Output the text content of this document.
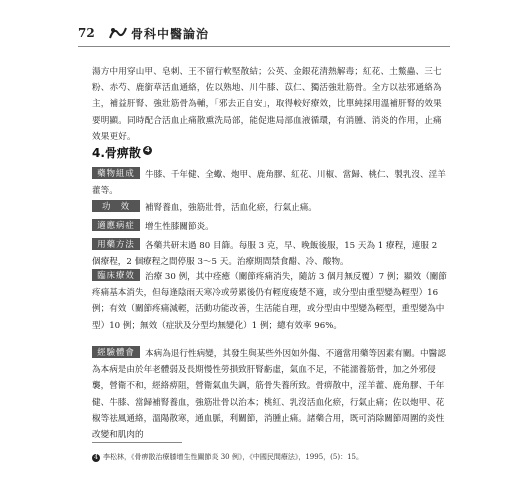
72	骨科中醫論治

湯方中用穿山甲、皂刺、王不留行軟堅散結；公英、金銀花清熱解毒；紅花、土鱉蟲、三七粉、赤芍、鹿銜草活血通絡，佐以熟地、川牛膝、苡仁、獨活強壯筋骨。全方以祛邪通絡為主，補益肝腎、強壯筋骨為輔，「邪去正自安」，取得較好療效，比單純採用溫補肝腎的效果要明顯。同時配合活血止痛散熏洗局部，能促進局部血液循環，有消腫、消炎的作用，止痛效果更好。

4.骨痹散 $^4$
藥物組成 牛膝、千年健、全蠍、炮甲、鹿角膠、紅花、川椒、當歸、桃仁、製乳沒、淫羊藿等。
功　效 補腎養血，強筋壯骨，活血化瘀，行氣止痛。
適應病症 增生性膝關節炎。
用藥方法 各藥共研末過 80 目篩。每服 3 克，早、晚飯後服，15 天為 1 療程，連服 2 個療程，2 個療程之間停服 3～5 天。治療期間禁食醋、冷、酸物。
臨床療效 治療 30 例，其中痊癒（關節疼痛消失，隨訪 3 個月無反覆）7 例；顯效（關節疼痛基本消失，但每逢陰雨天寒冷或勞累後仍有輕度痠楚不適，或分型由重型變為輕型）16 例；有效（關節疼痛減輕，活動功能改善，生活能自理，或分型由中型變為輕型，重型變為中型）10 例；無效（症狀及分型均無變化）1 例；總有效率 96%。
經驗體會 本病為退行性病變，其發生與某些外因如外傷、不適當用藥等因素有關。中醫認為本病是由於年老體弱及長期慢性勞損致肝腎虧虛，氣血不足，不能濡養筋骨，加之外邪侵襲，營衛不和，經絡痹阻，營衛氣血失調，筋骨失養所致。骨痹散中，淫羊藿、鹿角膠、千年健、牛膝、當歸補腎養血，強筋壯骨以治本；桃紅、乳沒活血化瘀，行氣止痛；佐以炮甲、花椒等祛風通絡，溫陽散寒，通血脈，利關節，消腫止痛。諸藥合用，既可消除關節周圍的炎性改變和肌肉的
4 李松林，《骨痹散治療膝增生性關節炎 30 例》，《中國民間療法》，1995，(5)：15。
